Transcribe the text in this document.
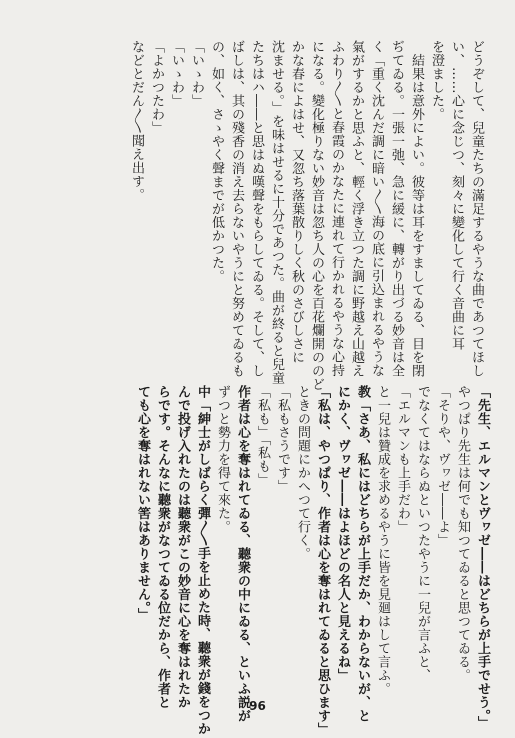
どうぞして、兒童たちの滿足するやうな曲であつてほし
い、……心に念じつ、刻々に變化して行く音曲に耳
を澄ました。
　結果は意外によい。彼等は耳をすましてゐる、目を閉
ぢてゐる。一張一弛、急に緩に、轉がり出づる妙音は全
く「重く沈んだ調に暗い〳〵海の底に引込まれるやうな
氣がするかと思ふと、輕く浮き立つた調に野越え山越え
ふわり〳〵と春霞のかなたに連れて行かれるやうな心持
になる。變化極りない妙音は忽ち人の心を百花爛開ののど
かな春によはせ、又忽ち落葉散りしく秋のさびしさに
沈ませる。」を味はせるに十分であつた。曲が終ると兒童
たちはハ――と思はぬ嘆聲をもらしてゐる。そして、し
ばしは、其の殘香の消え去らないやうにと努めてゐるも
の、如く、さゝやく聲までが低かつた。
「いゝわ」
「いゝわ」
「よかつたわ」
などとだん〳〵聞え出す。
「先生、エルマンとヴヮゼ――はどちらが上手でせう。」
やつぱり先生は何でも知つてゐると思つてゐる。
「そりや、ヴヮゼ――よ」
でなくてはならぬといつたやうに一兒が言ふと、
「エルマンも上手だわ」
と一兒は贊成を求めるやうに皆を見廻はして言ふ。
教「さあ、私にはどちらが上手だか、わからないが、と
にかく、ヴヮゼ――はよほどの名人と見えるね」
「私は、やつぱり、作者は心を奪はれてゐると思ひます」
ときの問題にかへつて行く。
「私もさうです」
「私も」「私も」
作者は心を奪はれてゐる、聽衆の中にゐる、といふ説が
ずつと勢力を得て來た。
中「紳士がしばらく彈〳〵手を止めた時、聽衆が錢をつか
んで投げ入れたのは聽衆がこの妙音に心を奪はれたか
らです。そんなに聽衆がなつてゐる位だから、作者と
ても心を奪はれない筈はありません。」
96
